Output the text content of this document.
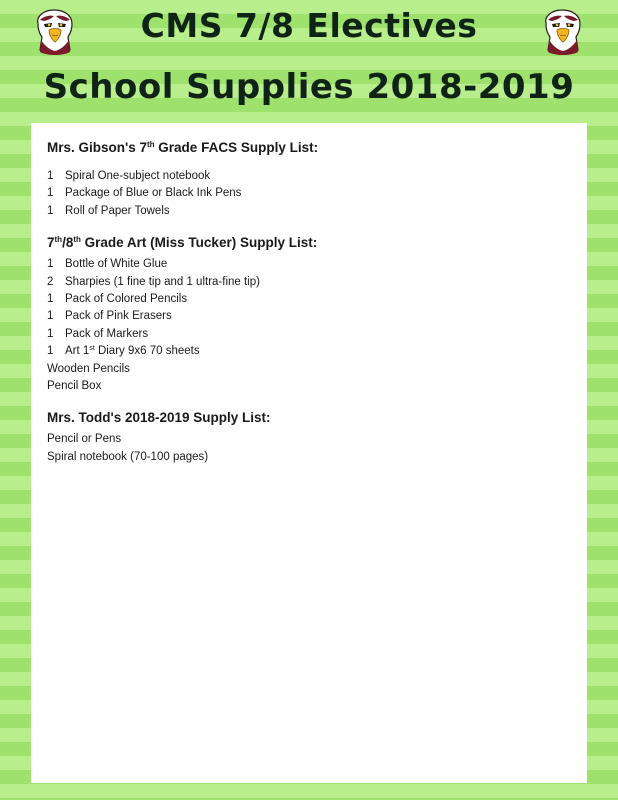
CMS 7/8 Electives
School Supplies 2018-2019

Mrs. Gibson's 7th Grade FACS Supply List:

1 Spiral One-subject notebook
1 Package of Blue or Black Ink Pens
1 Roll of Paper Towels

7th/8th Grade Art (Miss Tucker) Supply List:

1 Bottle of White Glue
2 Sharpies (1 fine tip and 1 ultra-fine tip)
1 Pack of Colored Pencils
1 Pack of Pink Erasers
1 Pack of Markers
1 Art 1st Diary 9x6 70 sheets
Wooden Pencils
Pencil Box

Mrs. Todd's 2018-2019 Supply List:

Pencil or Pens
Spiral notebook (70-100 pages)
